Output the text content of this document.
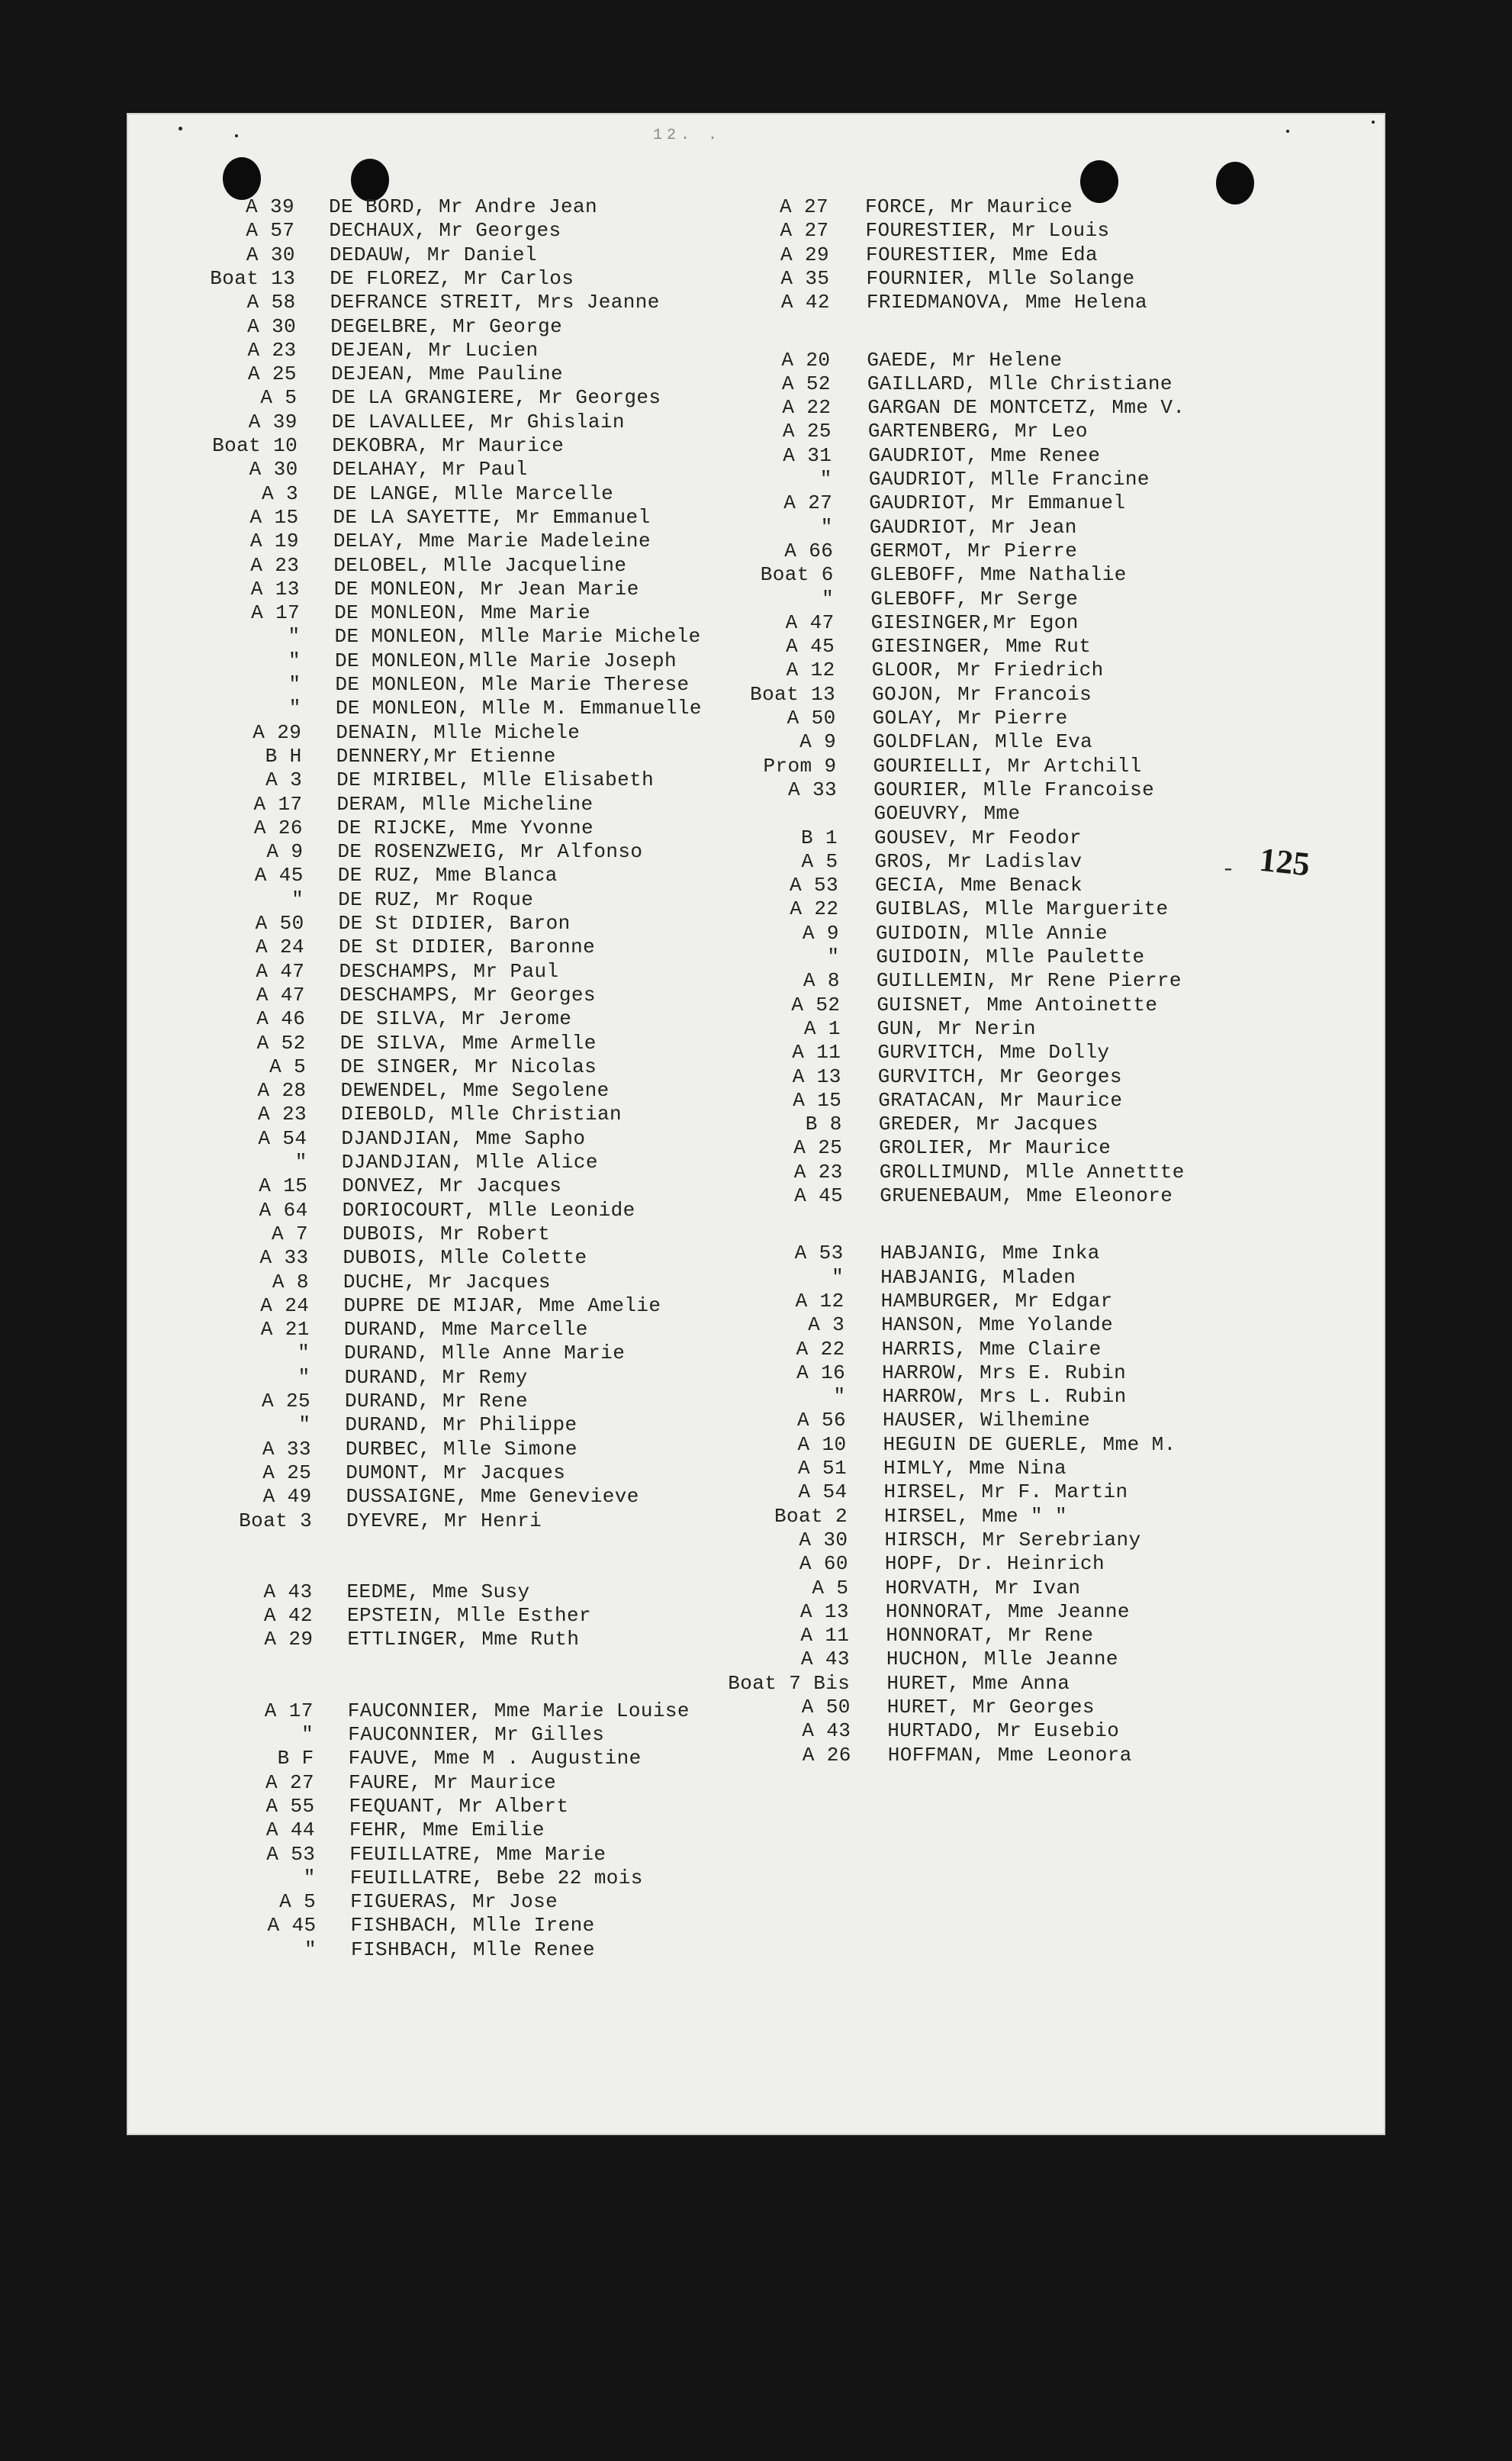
12. .
- 125
A 39 DE BORD, Mr Andre Jean
A 57 DECHAUX, Mr Georges
A 30 DEDAUW, Mr Daniel
Boat 13 DE FLOREZ, Mr Carlos
A 58 DEFRANCE STREIT, Mrs Jeanne
A 30 DEGELBRE, Mr George
A 23 DEJEAN, Mr Lucien
A 25 DEJEAN, Mme Pauline
A 5 DE LA GRANGIERE, Mr Georges
A 39 DE LAVALLEE, Mr Ghislain
Boat 10 DEKOBRA, Mr Maurice
A 30 DELAHAY, Mr Paul
A 3 DE LANGE, Mlle Marcelle
A 15 DE LA SAYETTE, Mr Emmanuel
A 19 DELAY, Mme Marie Madeleine
A 23 DELOBEL, Mlle Jacqueline
A 13 DE MONLEON, Mr Jean Marie
A 17 DE MONLEON, Mme Marie
" DE MONLEON, Mlle Marie Michele
" DE MONLEON,Mlle Marie Joseph
" DE MONLEON, Mle Marie Therese
" DE MONLEON, Mlle M. Emmanuelle
A 29 DENAIN, Mlle Michele
B H DENNERY,Mr Etienne
A 3 DE MIRIBEL, Mlle Elisabeth
A 17 DERAM, Mlle Micheline
A 26 DE RIJCKE, Mme Yvonne
A 9 DE ROSENZWEIG, Mr Alfonso
A 45 DE RUZ, Mme Blanca
" DE RUZ, Mr Roque
A 50 DE St DIDIER, Baron
A 24 DE St DIDIER, Baronne
A 47 DESCHAMPS, Mr Paul
A 47 DESCHAMPS, Mr Georges
A 46 DE SILVA, Mr Jerome
A 52 DE SILVA, Mme Armelle
A 5 DE SINGER, Mr Nicolas
A 28 DEWENDEL, Mme Segolene
A 23 DIEBOLD, Mlle Christian
A 54 DJANDJIAN, Mme Sapho
" DJANDJIAN, Mlle Alice
A 15 DONVEZ, Mr Jacques
A 64 DORIOCOURT, Mlle Leonide
A 7 DUBOIS, Mr Robert
A 33 DUBOIS, Mlle Colette
A 8 DUCHE, Mr Jacques
A 24 DUPRE DE MIJAR, Mme Amelie
A 21 DURAND, Mme Marcelle
" DURAND, Mlle Anne Marie
" DURAND, Mr Remy
A 25 DURAND, Mr Rene
" DURAND, Mr Philippe
A 33 DURBEC, Mlle Simone
A 25 DUMONT, Mr Jacques
A 49 DUSSAIGNE, Mme Genevieve
Boat 3 DYEVRE, Mr Henri
A 43 EEDME, Mme Susy
A 42 EPSTEIN, Mlle Esther
A 29 ETTLINGER, Mme Ruth
A 17 FAUCONNIER, Mme Marie Louise
" FAUCONNIER, Mr Gilles
B F FAUVE, Mme M . Augustine
A 27 FAURE, Mr Maurice
A 55 FEQUANT, Mr Albert
A 44 FEHR, Mme Emilie
A 53 FEUILLATRE, Mme Marie
" FEUILLATRE, Bebe 22 mois
A 5 FIGUERAS, Mr Jose
A 45 FISHBACH, Mlle Irene
" FISHBACH, Mlle Renee
A 27 FORCE, Mr Maurice
A 27 FOURESTIER, Mr Louis
A 29 FOURESTIER, Mme Eda
A 35 FOURNIER, Mlle Solange
A 42 FRIEDMANOVA, Mme Helena
A 20 GAEDE, Mr Helene
A 52 GAILLARD, Mlle Christiane
A 22 GARGAN DE MONTCETZ, Mme V.
A 25 GARTENBERG, Mr Leo
A 31 GAUDRIOT, Mme Renee
" GAUDRIOT, Mlle Francine
A 27 GAUDRIOT, Mr Emmanuel
" GAUDRIOT, Mr Jean
A 66 GERMOT, Mr Pierre
Boat 6 GLEBOFF, Mme Nathalie
" GLEBOFF, Mr Serge
A 47 GIESINGER,Mr Egon
A 45 GIESINGER, Mme Rut
A 12 GLOOR, Mr Friedrich
Boat 13 GOJON, Mr Francois
A 50 GOLAY, Mr Pierre
A 9 GOLDFLAN, Mlle Eva
Prom 9 GOURIELLI, Mr Artchill
A 33 GOURIER, Mlle Francoise
GOEUVRY, Mme
B 1 GOUSEV, Mr Feodor
A 5 GROS, Mr Ladislav
A 53 GECIA, Mme Benack
A 22 GUIBLAS, Mlle Marguerite
A 9 GUIDOIN, Mlle Annie
" GUIDOIN, Mlle Paulette
A 8 GUILLEMIN, Mr Rene Pierre
A 52 GUISNET, Mme Antoinette
A 1 GUN, Mr Nerin
A 11 GURVITCH, Mme Dolly
A 13 GURVITCH, Mr Georges
A 15 GRATACAN, Mr Maurice
B 8 GREDER, Mr Jacques
A 25 GROLIER, Mr Maurice
A 23 GROLLIMUND, Mlle Annettte
A 45 GRUENEBAUM, Mme Eleonore
A 53 HABJANIG, Mme Inka
" HABJANIG, Mladen
A 12 HAMBURGER, Mr Edgar
A 3 HANSON, Mme Yolande
A 22 HARRIS, Mme Claire
A 16 HARROW, Mrs E. Rubin
" HARROW, Mrs L. Rubin
A 56 HAUSER, Wilhemine
A 10 HEGUIN DE GUERLE, Mme M.
A 51 HIMLY, Mme Nina
A 54 HIRSEL, Mr F. Martin
Boat 2 HIRSEL, Mme " "
A 30 HIRSCH, Mr Serebriany
A 60 HOPF, Dr. Heinrich
A 5 HORVATH, Mr Ivan
A 13 HONNORAT, Mme Jeanne
A 11 HONNORAT, Mr Rene
A 43 HUCHON, Mlle Jeanne
Boat 7 Bis HURET, Mme Anna
A 50 HURET, Mr Georges
A 43 HURTADO, Mr Eusebio
A 26 HOFFMAN, Mme Leonora
